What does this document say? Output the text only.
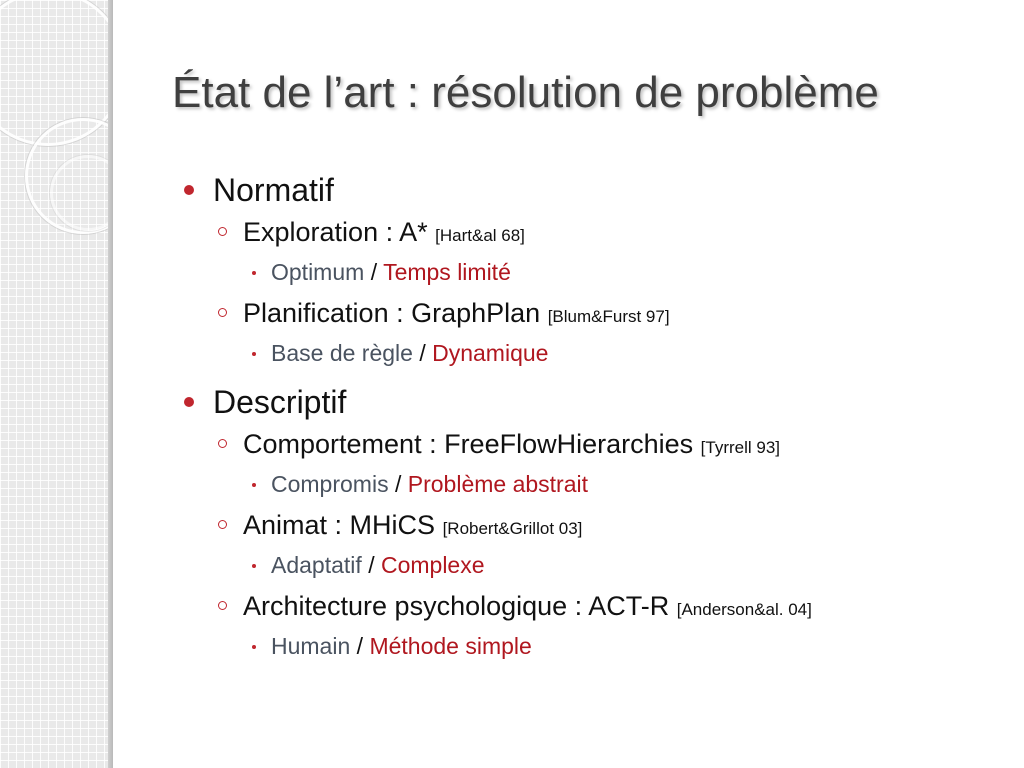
État de l’art : résolution de problème
Normatif
Exploration : A* [Hart&al 68]
Optimum / Temps limité
Planification : GraphPlan [Blum&Furst 97]
Base de règle / Dynamique
Descriptif
Comportement : FreeFlowHierarchies [Tyrrell 93]
Compromis / Problème abstrait
Animat : MHiCS [Robert&Grillot 03]
Adaptatif / Complexe
Architecture psychologique : ACT-R [Anderson&al. 04]
Humain / Méthode simple
